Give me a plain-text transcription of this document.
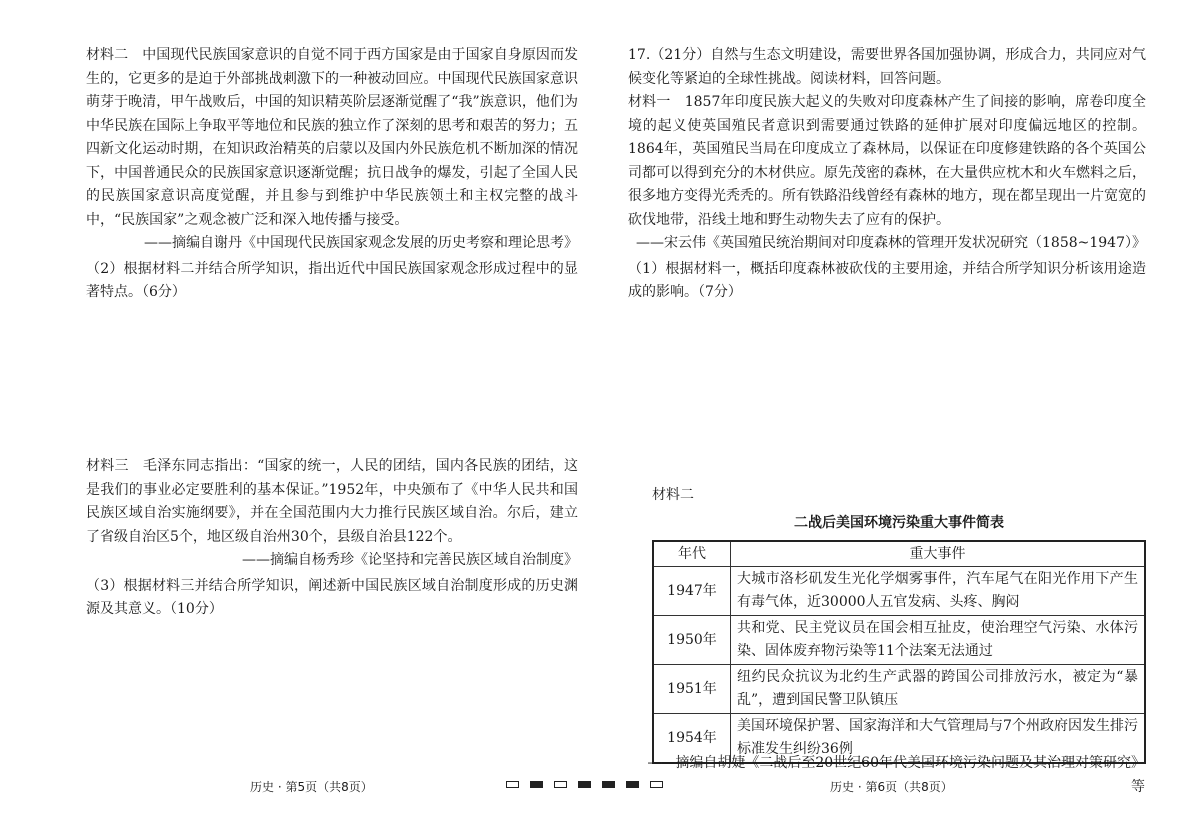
材料二　中国现代民族国家意识的自觉不同于西方国家是由于国家自身原因而发生的，它更多的是迫于外部挑战刺激下的一种被动回应。中国现代民族国家意识萌芽于晚清，甲午战败后，中国的知识精英阶层逐渐觉醒了“我”族意识，他们为中华民族在国际上争取平等地位和民族的独立作了深刻的思考和艰苦的努力；五四新文化运动时期，在知识政治精英的启蒙以及国内外民族危机不断加深的情况下，中国普通民众的民族国家意识逐渐觉醒；抗日战争的爆发，引起了全国人民的民族国家意识高度觉醒，并且参与到维护中华民族领土和主权完整的战斗中，“民族国家”之观念被广泛和深入地传播与接受。

——摘编自谢丹《中国现代民族国家观念发展的历史考察和理论思考》

（2）根据材料二并结合所学知识，指出近代中国民族国家观念形成过程中的显著特点。（6分）

材料三　毛泽东同志指出：“国家的统一，人民的团结，国内各民族的团结，这是我们的事业必定要胜利的基本保证。”1952年，中央颁布了《中华人民共和国民族区域自治实施纲要》，并在全国范围内大力推行民族区域自治。尔后，建立了省级自治区5个，地区级自治州30个，县级自治县122个。

——摘编自杨秀珍《论坚持和完善民族区域自治制度》

（3）根据材料三并结合所学知识，阐述新中国民族区域自治制度形成的历史渊源及其意义。（10分）

17.（21分）自然与生态文明建设，需要世界各国加强协调，形成合力，共同应对气候变化等紧迫的全球性挑战。阅读材料，回答问题。

材料一　1857年印度民族大起义的失败对印度森林产生了间接的影响，席卷印度全境的起义使英国殖民者意识到需要通过铁路的延伸扩展对印度偏远地区的控制。1864年，英国殖民当局在印度成立了森林局，以保证在印度修建铁路的各个英国公司都可以得到充分的木材供应。原先茂密的森林，在大量供应枕木和火车燃料之后，很多地方变得光秃秃的。所有铁路沿线曾经有森林的地方，现在都呈现出一片宽宽的砍伐地带，沿线土地和野生动物失去了应有的保护。

——宋云伟《英国殖民统治期间对印度森林的管理开发状况研究（1858~1947）》

（1）根据材料一，概括印度森林被砍伐的主要用途，并结合所学知识分析该用途造成的影响。（7分）

材料二

二战后美国环境污染重大事件简表
年代	重大事件
1947年	大城市洛杉矶发生光化学烟雾事件，汽车尾气在阳光作用下产生有毒气体，近30000人五官发病、头疼、胸闷
1950年	共和党、民主党议员在国会相互扯皮，使治理空气污染、水体污染、固体废弃物污染等11个法案无法通过
1951年	纽约民众抗议为北约生产武器的跨国公司排放污水，被定为“暴乱”，遭到国民警卫队镇压
1954年	美国环境保护署、国家海洋和大气管理局与7个州政府因发生排污标准发生纠纷36例
——摘编自胡婕《二战后至20世纪60年代美国环境污染问题及其治理对策研究》等
历史 · 第5页（共8页）	历史 · 第6页（共8页）
